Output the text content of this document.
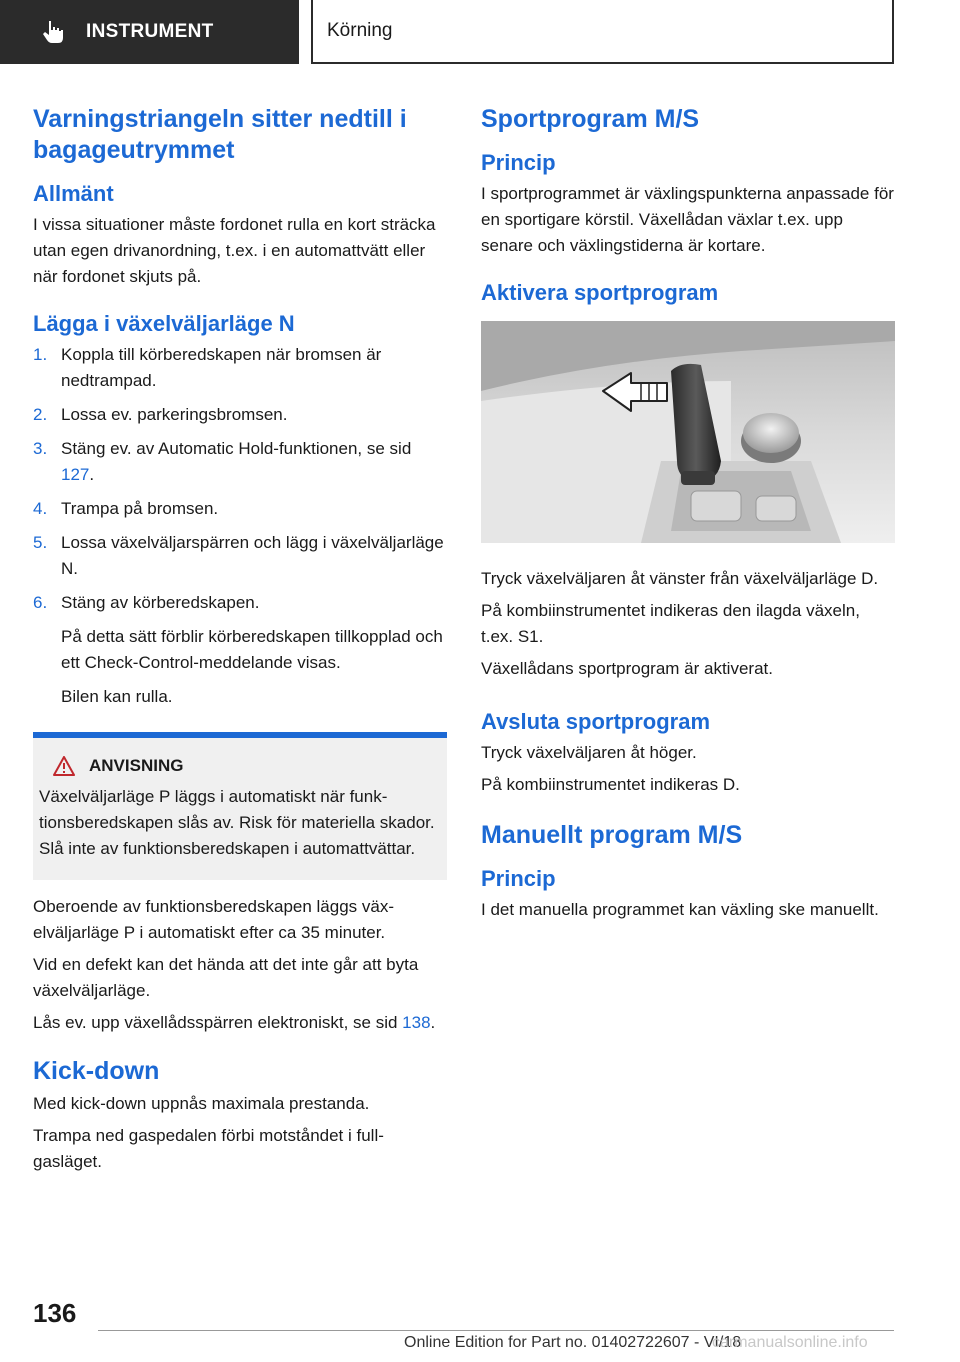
INSTRUMENT	Körning
Varningstriangeln sitter nedtill i bagageutrymmet
Allmänt

I vissa situationer måste fordonet rulla en kort sträcka utan egen drivanordning, t.ex. i en automattvätt eller när fordonet skjuts på.

Lägga i växelväljarläge N
1. Koppla till körberedskapen när bromsen är nedtrampad.
2. Lossa ev. parkeringsbromsen.
3. Stäng ev. av Automatic Hold-funktionen, se sid 127.
4. Trampa på bromsen.
5. Lossa växelväljarspärren och lägg i växelväljarläge N.
6. Stäng av körberedskapen.

På detta sätt förblir körberedskapen tillkopplad och ett Check-Control-meddelande visas.

Bilen kan rulla.

ANVISNING

Växelväljarläge P läggs i automatiskt när funktionsberedskapen slås av. Risk för materiella skador. Slå inte av funktionsberedskapen i automattvättar.

Oberoende av funktionsberedskapen läggs växelväljarläge P i automatiskt efter ca 35 minuter.

Vid en defekt kan det hända att det inte går att byta växelväljarläge.

Lås ev. upp växellådsspärren elektroniskt, se sid 138.

Kick-down

Med kick-down uppnås maximala prestanda.

Trampa ned gaspedalen förbi motståndet i fullgasläget.

Sportprogram M/S
Princip

I sportprogrammet är växlingspunkterna anpassade för en sportigare körstil. Växellådan växlar t.ex. upp senare och växlingstiderna är kortare.

Aktivera sportprogram

Tryck växelväljaren åt vänster från växelväljarläge D.

På kombiinstrumentet indikeras den ilagda växeln, t.ex. S1.

Växellådans sportprogram är aktiverat.

Avsluta sportprogram

Tryck växelväljaren åt höger.

På kombiinstrumentet indikeras D.

Manuellt program M/S
Princip

I det manuella programmet kan växling ske manuellt.

136
Online Edition for Part no. 01402722607 - VI/18
carmanualsonline.info
